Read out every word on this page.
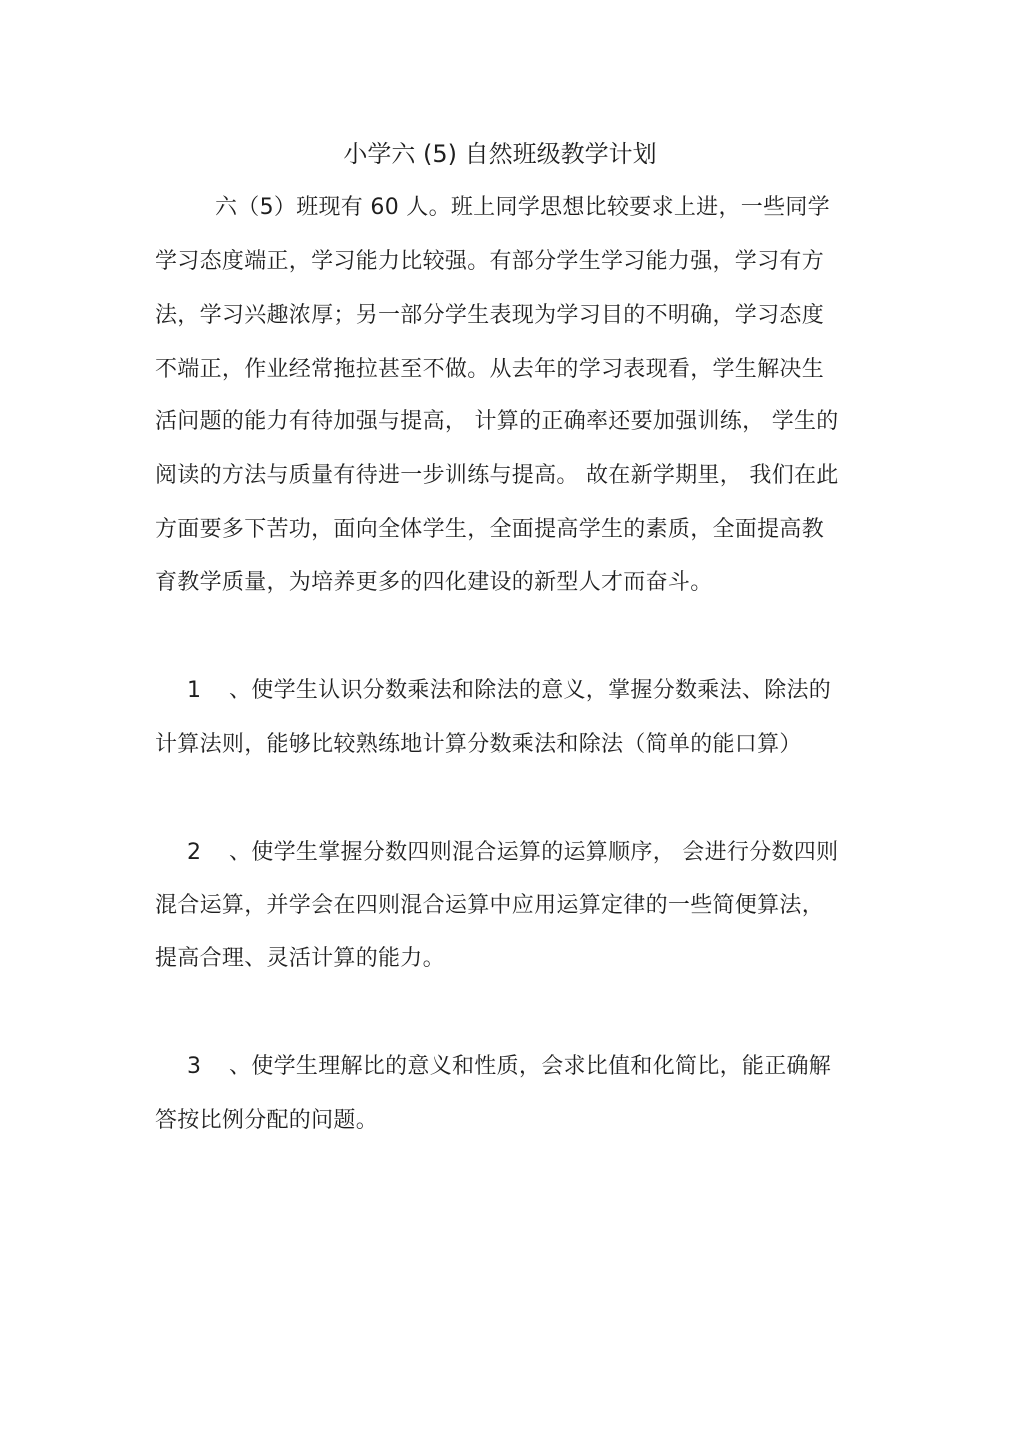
小学六 (5) 自然班级教学计划
六（5）班现有 60 人。班上同学思想比较要求上进，一些同学
学习态度端正，学习能力比较强。有部分学生学习能力强，学习有方
法，学习兴趣浓厚；另一部分学生表现为学习目的不明确，学习态度
不端正，作业经常拖拉甚至不做。从去年的学习表现看，学生解决生
活问题的能力有待加强与提高， 计算的正确率还要加强训练， 学生的
阅读的方法与质量有待进一步训练与提高。 故在新学期里， 我们在此
方面要多下苦功，面向全体学生，全面提高学生的素质，全面提高教
育教学质量，为培养更多的四化建设的新型人才而奋斗。
1 、使学生认识分数乘法和除法的意义，掌握分数乘法、除法的
计算法则，能够比较熟练地计算分数乘法和除法（简单的能口算）
2 、使学生掌握分数四则混合运算的运算顺序， 会进行分数四则
混合运算，并学会在四则混合运算中应用运算定律的一些简便算法，
提高合理、灵活计算的能力。
3 、使学生理解比的意义和性质，会求比值和化简比，能正确解
答按比例分配的问题。
